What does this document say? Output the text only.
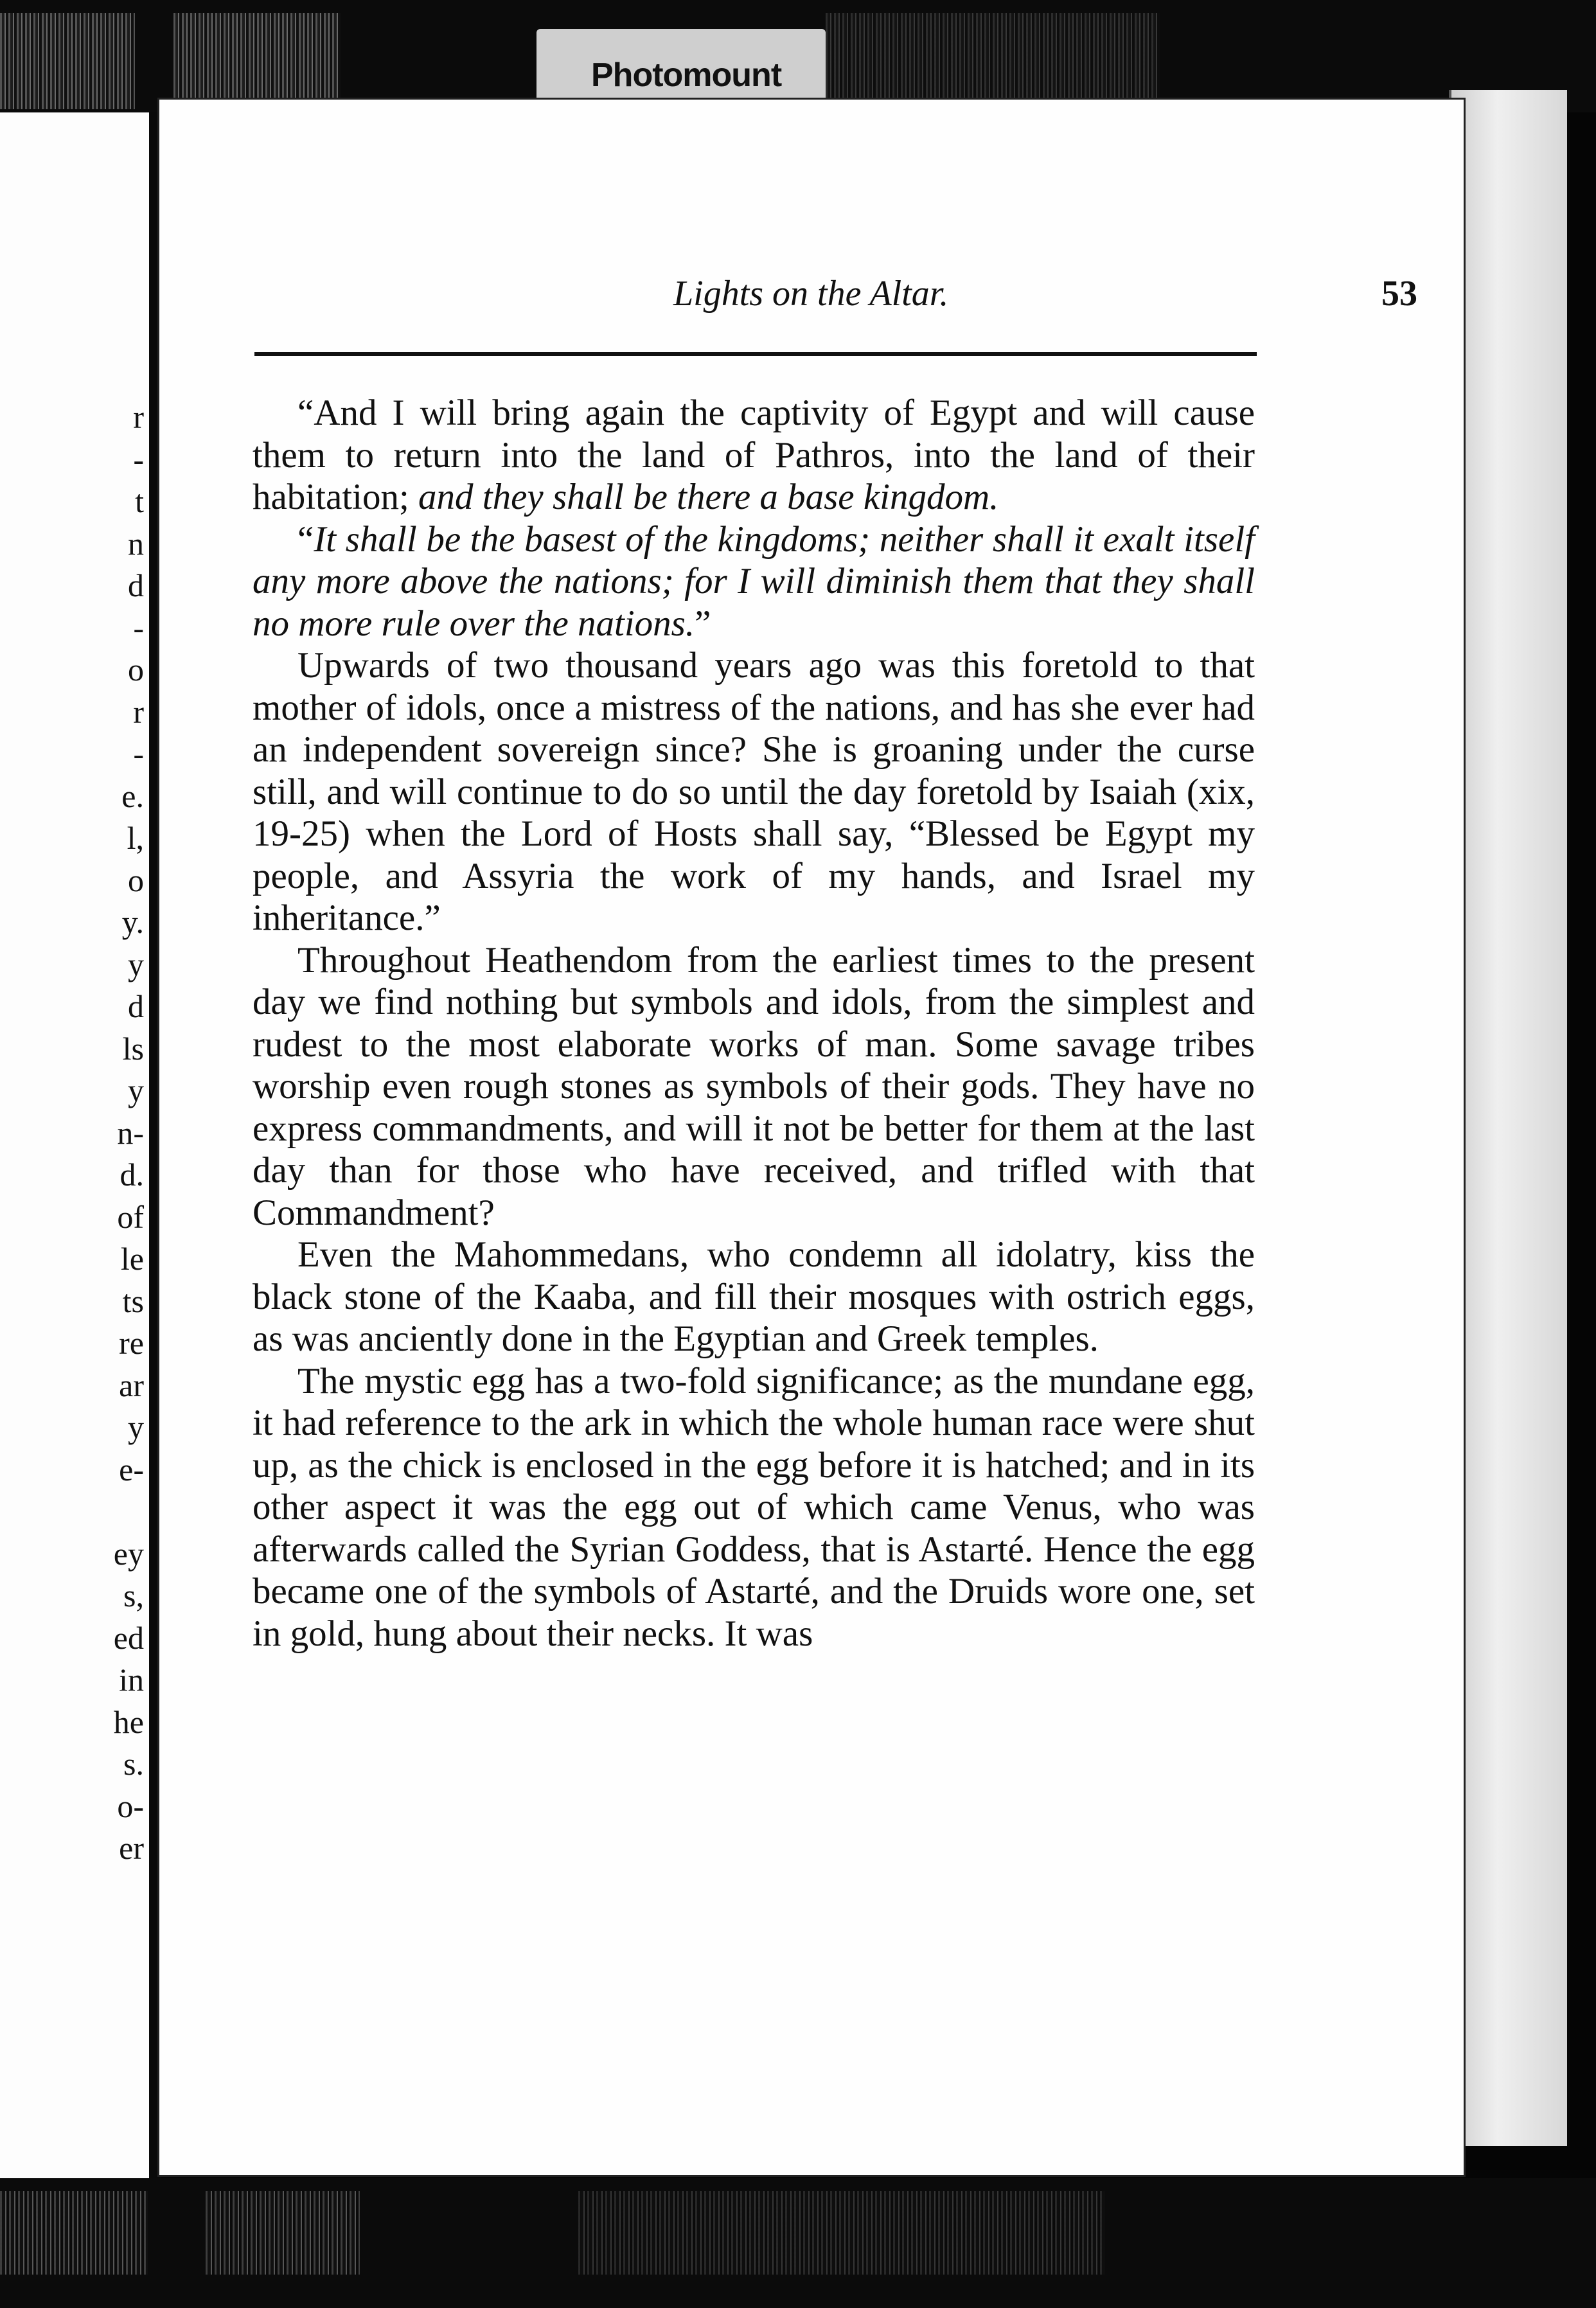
Photomount
r
-
t
n
d
-
o
r
-
e.
l,
o
y.
y
d
ls
y
n-
d.
of
le
ts
re
ar
y
e-
ey
s,
ed
in
he
s.
o-
er
Lights on the Altar.	53

“And I will bring again the captivity of Egypt and will cause them to return into the land of Pathros, into the land of their habitation; and they shall be there a base kingdom.

“It shall be the basest of the kingdoms; neither shall it exalt itself any more above the nations; for I will diminish them that they shall no more rule over the nations.”

Upwards of two thousand years ago was this foretold to that mother of idols, once a mistress of the nations, and has she ever had an independent sovereign since? She is groaning under the curse still, and will continue to do so until the day foretold by Isaiah (xix, 19-25) when the Lord of Hosts shall say, “Blessed be Egypt my people, and Assyria the work of my hands, and Israel my inheritance.”

Throughout Heathendom from the earliest times to the present day we find nothing but symbols and idols, from the simplest and rudest to the most elaborate works of man. Some savage tribes worship even rough stones as symbols of their gods. They have no express commandments, and will it not be better for them at the last day than for those who have received, and trifled with that Commandment?

Even the Mahommedans, who condemn all idolatry, kiss the black stone of the Kaaba, and fill their mosques with ostrich eggs, as was anciently done in the Egyptian and Greek temples.

The mystic egg has a two-fold significance; as the mundane egg, it had reference to the ark in which the whole human race were shut up, as the chick is enclosed in the egg before it is hatched; and in its other aspect it was the egg out of which came Venus, who was afterwards called the Syrian Goddess, that is Astarté. Hence the egg became one of the symbols of Astarté, and the Druids wore one, set in gold, hung about their necks. It was
